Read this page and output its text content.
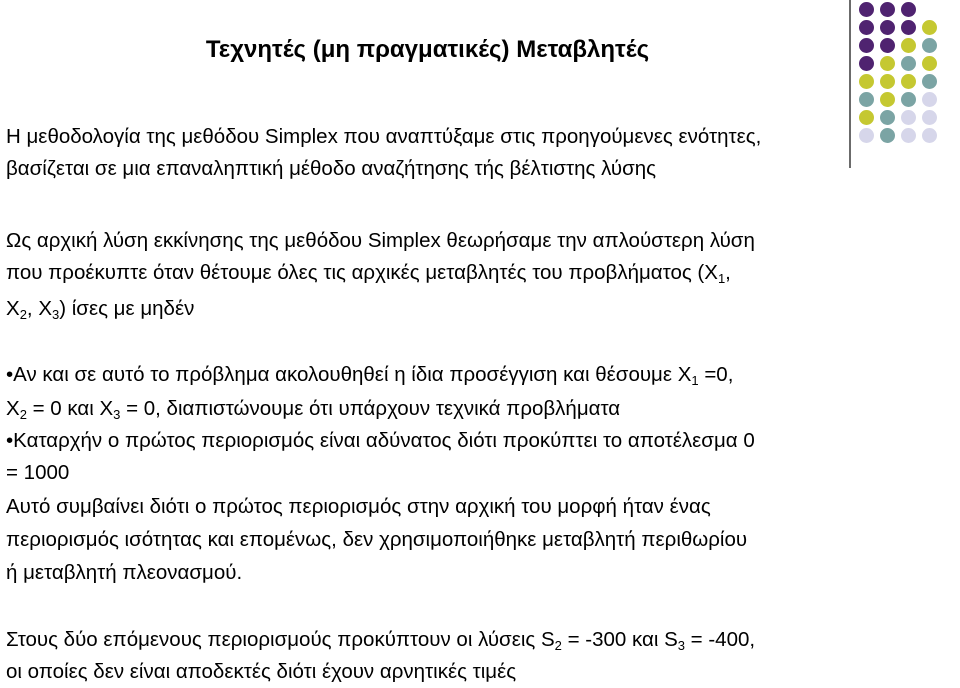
Τεχνητές (μη πραγματικές) Μεταβλητές
Η μεθοδολογία της μεθόδου Simplex που αναπτύξαμε στις προηγούμενες ενότητες,
βασίζεται σε μια επαναληπτική μέθοδο αναζήτησης τής βέλτιστης λύσης
Ως αρχική λύση εκκίνησης της μεθόδου Simplex θεωρήσαμε την απλούστερη λύση
που προέκυπτε όταν θέτουμε όλες τις αρχικές μεταβλητές του προβλήματος ($X_1$,
$X_2$, $X_3$) ίσες με μηδέν
•Αν και σε αυτό το πρόβλημα ακολουθηθεί η ίδια προσέγγιση και θέσουμε $X_1 =0$,
$X_2 = 0$ και $X_3 = 0$, διαπιστώνουμε ότι υπάρχουν τεχνικά προβλήματα
•Καταρχήν ο πρώτος περιορισμός είναι αδύνατος διότι προκύπτει το αποτέλεσμα 0
= 1000
Αυτό συμβαίνει διότι ο πρώτος περιορισμός στην αρχική του μορφή ήταν ένας
περιορισμός ισότητας και επομένως, δεν χρησιμοποιήθηκε μεταβλητή περιθωρίου
ή μεταβλητή πλεονασμού.
Στους δύο επόμενους περιορισμούς προκύπτουν οι λύσεις $S_2 = -300$ και $S_3 = -400$,
οι οποίες δεν είναι αποδεκτές διότι έχουν αρνητικές τιμές
